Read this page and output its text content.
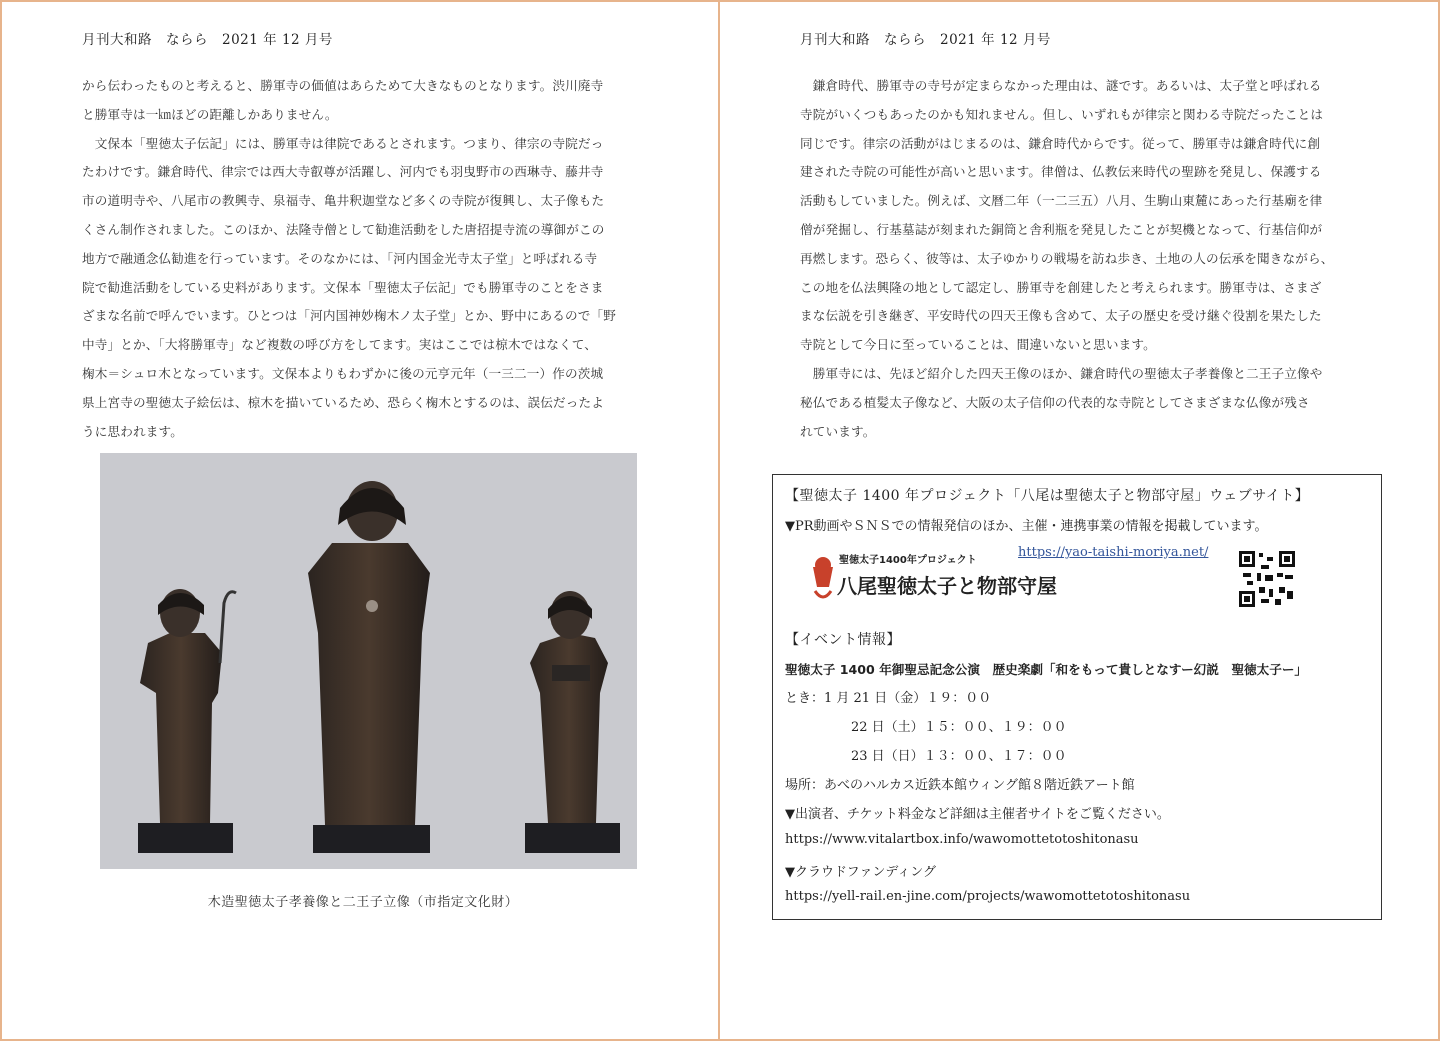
月刊大和路　ならら　2021 年 12 月号
から伝わったものと考えると、勝軍寺の価値はあらためて大きなものとなります。渋川廃寺
と勝軍寺は一㎞ほどの距離しかありません。
　文保本「聖徳太子伝記」には、勝軍寺は律院であるとされます。つまり、律宗の寺院だっ
たわけです。鎌倉時代、律宗では西大寺叡尊が活躍し、河内でも羽曳野市の西琳寺、藤井寺
市の道明寺や、八尾市の教興寺、泉福寺、亀井釈迦堂など多くの寺院が復興し、太子像もた
くさん制作されました。このほか、法隆寺僧として勧進活動をした唐招提寺流の導御がこの
地方で融通念仏勧進を行っています。そのなかには、「河内国金光寺太子堂」と呼ばれる寺
院で勧進活動をしている史料があります。文保本「聖徳太子伝記」でも勝軍寺のことをさま
ざまな名前で呼んでいます。ひとつは「河内国神妙椈木ノ太子堂」とか、野中にあるので「野
中寺」とか、「大将勝軍寺」など複数の呼び方をしてます。実はここでは椋木ではなくて、
椈木＝シュロ木となっています。文保本よりもわずかに後の元亨元年（一三二一）作の茨城
県上宮寺の聖徳太子絵伝は、椋木を描いているため、恐らく椈木とするのは、誤伝だったよ
うに思われます。
木造聖徳太子孝養像と二王子立像（市指定文化財）
月刊大和路　ならら　2021 年 12 月号
　鎌倉時代、勝軍寺の寺号が定まらなかった理由は、謎です。あるいは、太子堂と呼ばれる
寺院がいくつもあったのかも知れません。但し、いずれもが律宗と関わる寺院だったことは
同じです。律宗の活動がはじまるのは、鎌倉時代からです。従って、勝軍寺は鎌倉時代に創
建された寺院の可能性が高いと思います。律僧は、仏教伝来時代の聖跡を発見し、保護する
活動もしていました。例えば、文暦二年（一二三五）八月、生駒山東麓にあった行基廟を律
僧が発掘し、行基墓誌が刻まれた銅筒と舎利瓶を発見したことが契機となって、行基信仰が
再燃します。恐らく、彼等は、太子ゆかりの戦場を訪ね歩き、土地の人の伝承を聞きながら、
この地を仏法興隆の地として認定し、勝軍寺を創建したと考えられます。勝軍寺は、さまざ
まな伝説を引き継ぎ、平安時代の四天王像も含めて、太子の歴史を受け継ぐ役割を果たした
寺院として今日に至っていることは、間違いないと思います。
　勝軍寺には、先ほど紹介した四天王像のほか、鎌倉時代の聖徳太子孝養像と二王子立像や
秘仏である植髪太子像など、大阪の太子信仰の代表的な寺院としてさまざまな仏像が残さ
れています。
【聖徳太子 1400 年プロジェクト「八尾は聖徳太子と物部守屋」ウェブサイト】
▼PR動画やＳＮＳでの情報発信のほか、主催・連携事業の情報を掲載しています。
聖徳太子1400年プロジェクト
八尾聖徳太子と物部守屋
https://yao-taishi-moriya.net/
【イベント情報】
聖徳太子 1400 年御聖忌記念公演　歴史楽劇「和をもって貴しとなすー幻説　聖徳太子ー」
とき：1 月 21 日（金）１９：００
22 日（土）１５：００、１９：００
23 日（日）１３：００、１７：００
場所：あべのハルカス近鉄本館ウィング館８階近鉄アート館
▼出演者、チケット料金など詳細は主催者サイトをご覧ください。
https://www.vitalartbox.info/wawomottetotoshitonasu
▼クラウドファンディング
https://yell-rail.en-jine.com/projects/wawomottetotoshitonasu
